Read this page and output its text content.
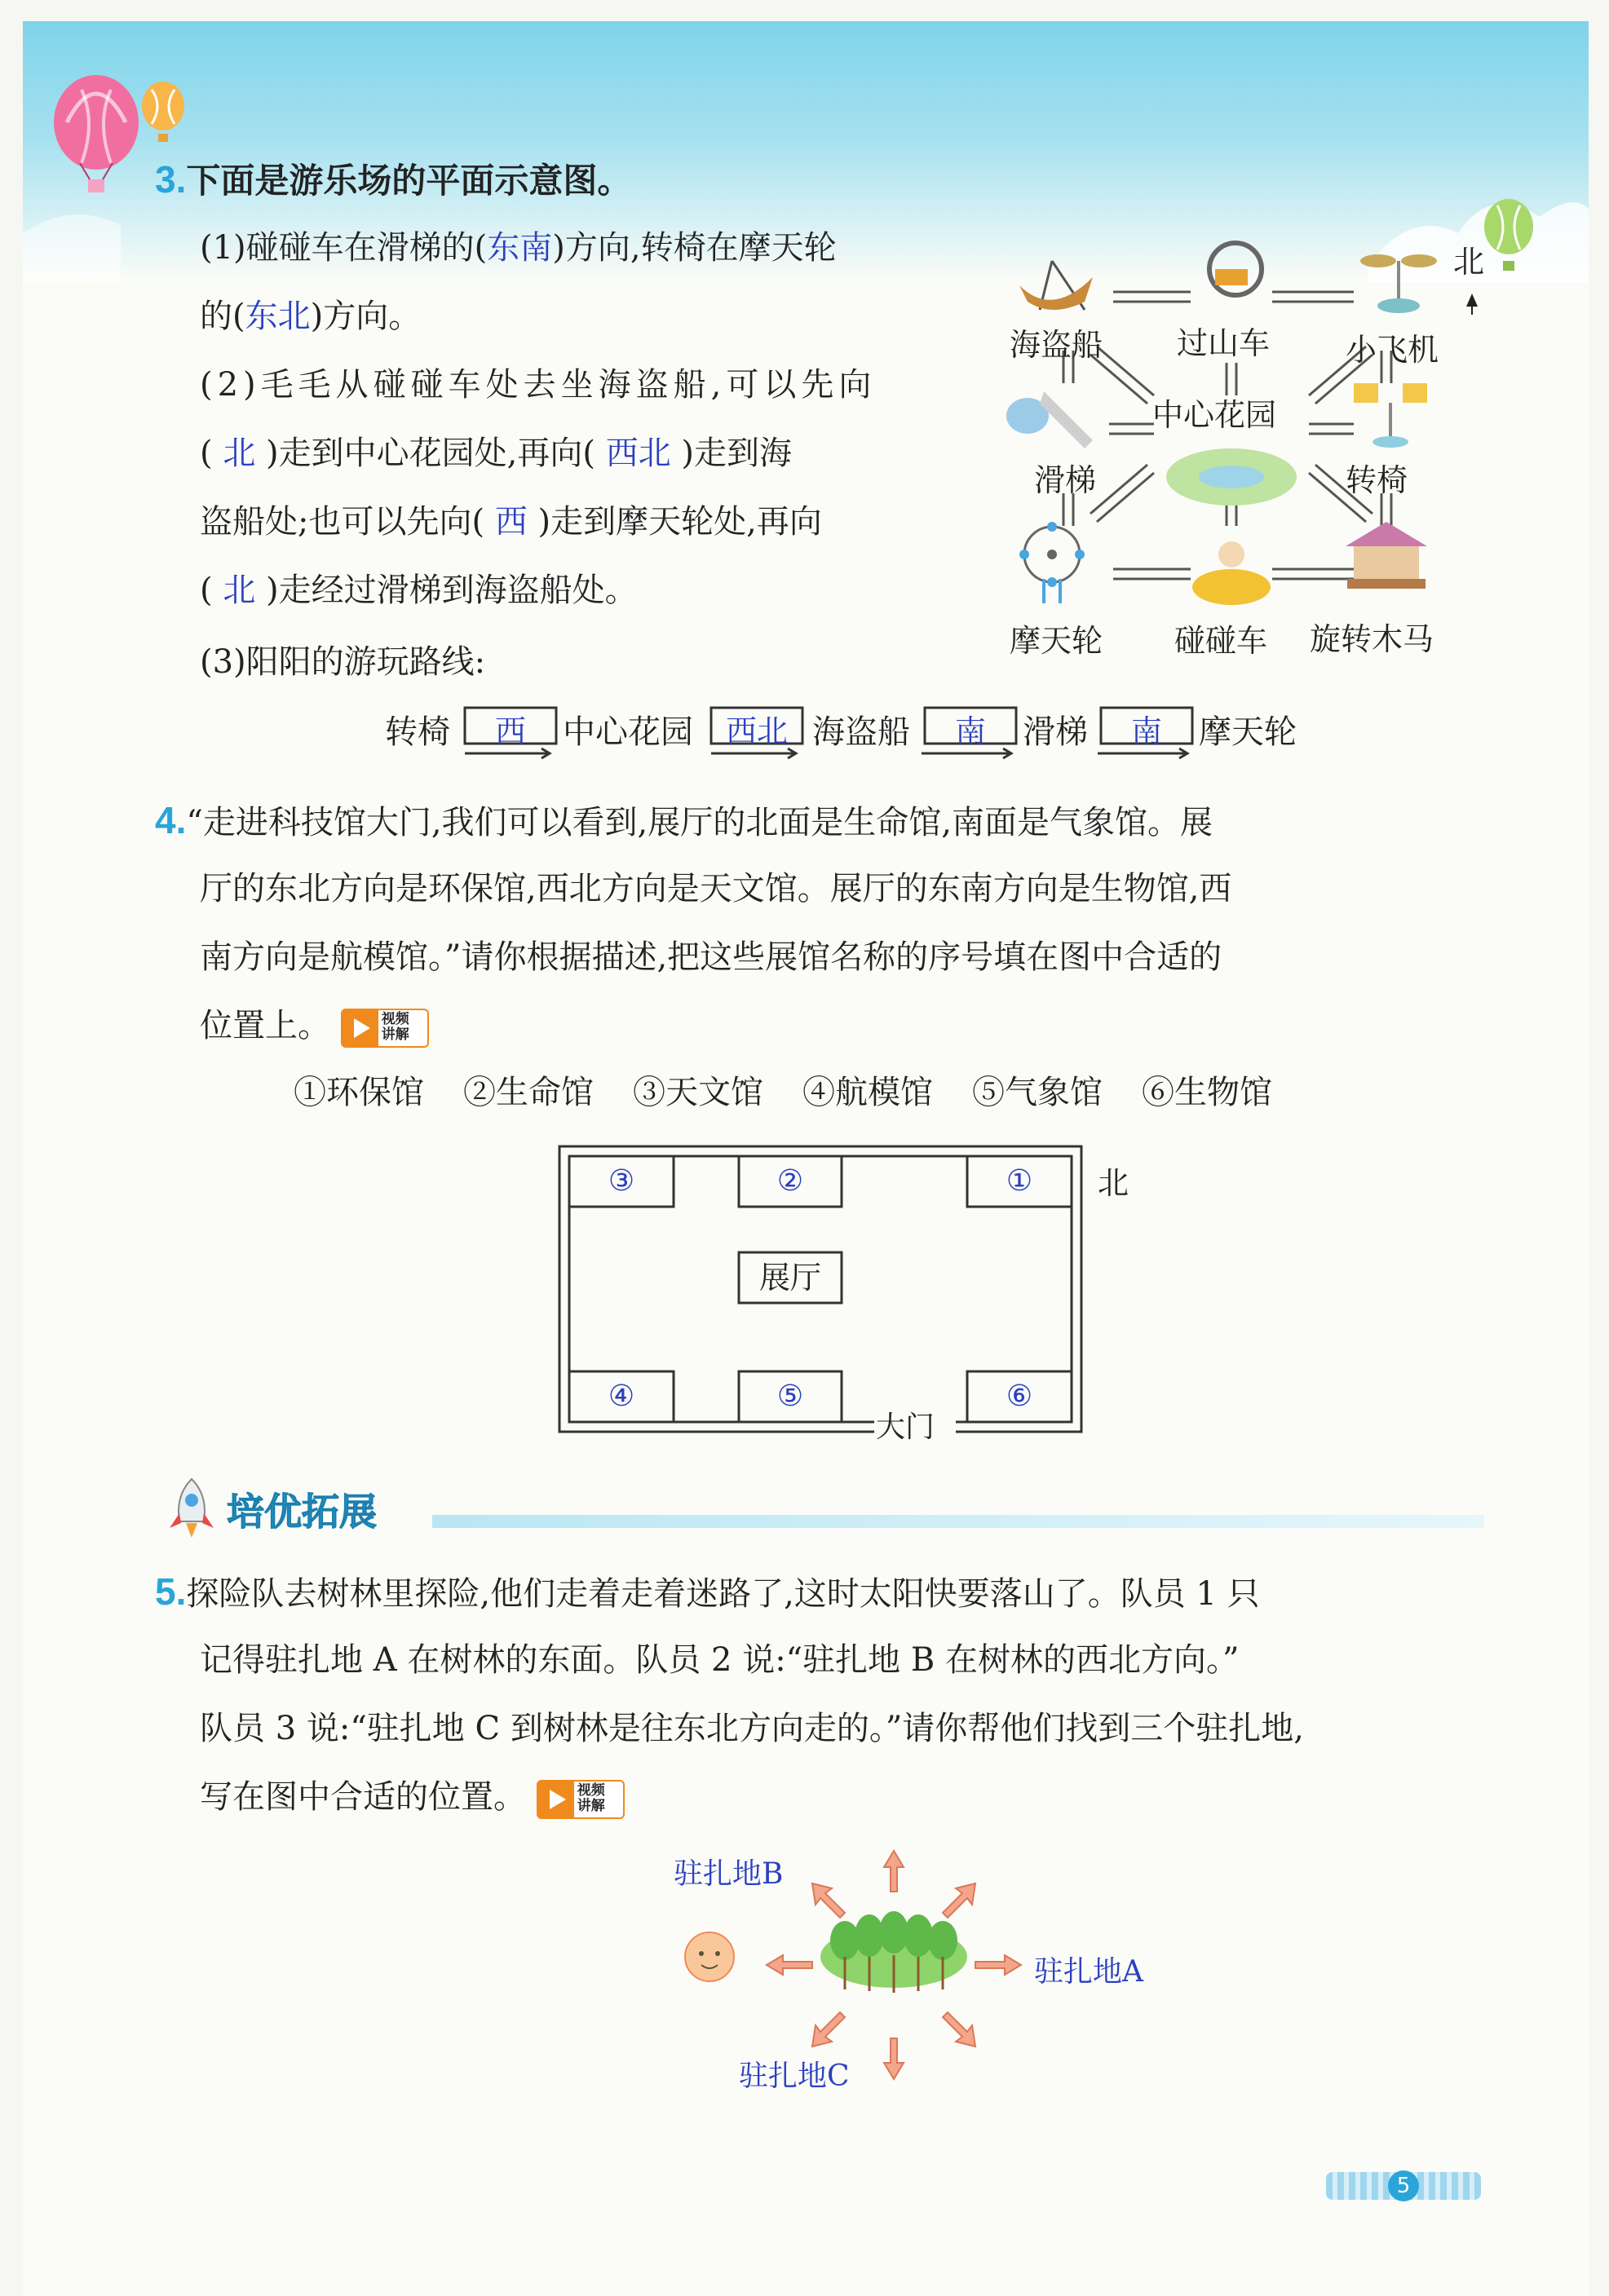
3.下面是游乐场的平面示意图。
(1)碰碰车在滑梯的(东南)方向,转椅在摩天轮
的(东北)方向。
(2)毛毛从碰碰车处去坐海盗船,可以先向
( 北 )走到中心花园处,再向( 西北 )走到海
盗船处;也可以先向( 西 )走到摩天轮处,再向
( 北 )走经过滑梯到海盗船处。
(3)阳阳的游玩路线:
北
海盗船 过山车 小飞机
滑梯
中心花园
转椅
摩天轮 碰碰车 旋转木马
转椅	中心花园	海盗船	滑梯	摩天轮
西	西北	南	南
4.“走进科技馆大门,我们可以看到,展厅的北面是生命馆,南面是气象馆。展
厅的东北方向是环保馆,西北方向是天文馆。展厅的东南方向是生物馆,西
南方向是航模馆。”请你根据描述,把这些展馆名称的序号填在图中合适的
位置上。	视频
讲解
①环保馆 ②生命馆 ③天文馆 ④航模馆 ⑤气象馆 ⑥生物馆
③	②	①
展厅
④	⑤	⑥
大门
北
培优拓展
5.探险队去树林里探险,他们走着走着迷路了,这时太阳快要落山了。队员 1 只
记得驻扎地 A 在树林的东面。队员 2 说:“驻扎地 B 在树林的西北方向。”
队员 3 说:“驻扎地 C 到树林是往东北方向走的。”请你帮他们找到三个驻扎地,
写在图中合适的位置。	视频
讲解
驻扎地B
驻扎地A
驻扎地C
5
